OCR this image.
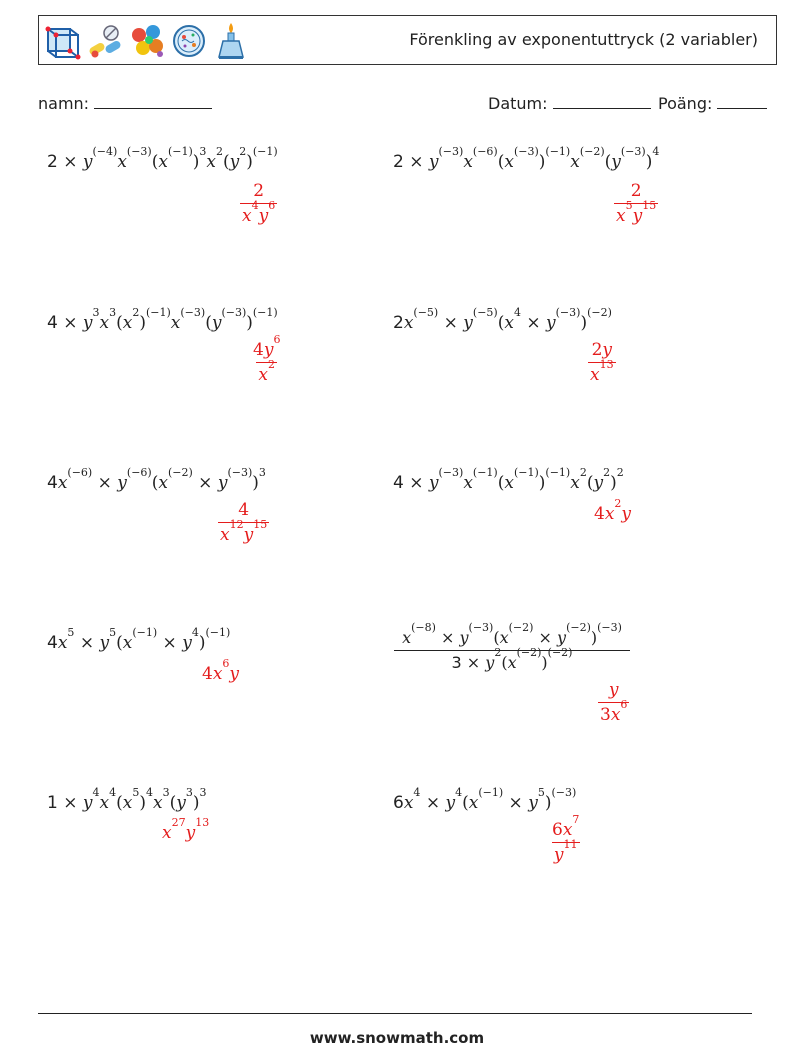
Förenkling av exponentuttryck (2 variabler)
namn:	Datum:	Poäng:
$2 \times y^{(-4)}x^{(-3)}(x^{(-1)})^3x^2(y^2)^{(-1)}$
$\frac{2}{x^4y^6}$
$2 \times y^{(-3)}x^{(-6)}(x^{(-3)})^{(-1)}x^{(-2)}(y^{(-3)})^4$
$\frac{2}{x^5y^{15}}$
$4 \times y^3x^3(x^2)^{(-1)}x^{(-3)}(y^{(-3)})^{(-1)}$
$\frac{4y^6}{x^2}$
$2x^{(-5)} \times y^{(-5)}(x^4 \times y^{(-3)})^{(-2)}$
$\frac{2y}{x^{13}}$
$4x^{(-6)} \times y^{(-6)}(x^{(-2)} \times y^{(-3)})^3$
$\frac{4}{x^{12}y^{15}}$
$4 \times y^{(-3)}x^{(-1)}(x^{(-1)})^{(-1)}x^2(y^2)^2$
$4x^2y$
$4x^5 \times y^5(x^{(-1)} \times y^4)^{(-1)}$
$4x^6y$
$\frac{x^{(-8)} \times y^{(-3)}(x^{(-2)} \times y^{(-2)})^{(-3)}}{3 \times y^2(x^{(-2)})^{(-2)}}$
$\frac{y}{3x^6}$
$1 \times y^4x^4(x^5)^4x^3(y^3)^3$
$x^{27}y^{13}$
$6x^4 \times y^4(x^{(-1)} \times y^5)^{(-3)}$
$\frac{6x^7}{y^{11}}$
www.snowmath.com
